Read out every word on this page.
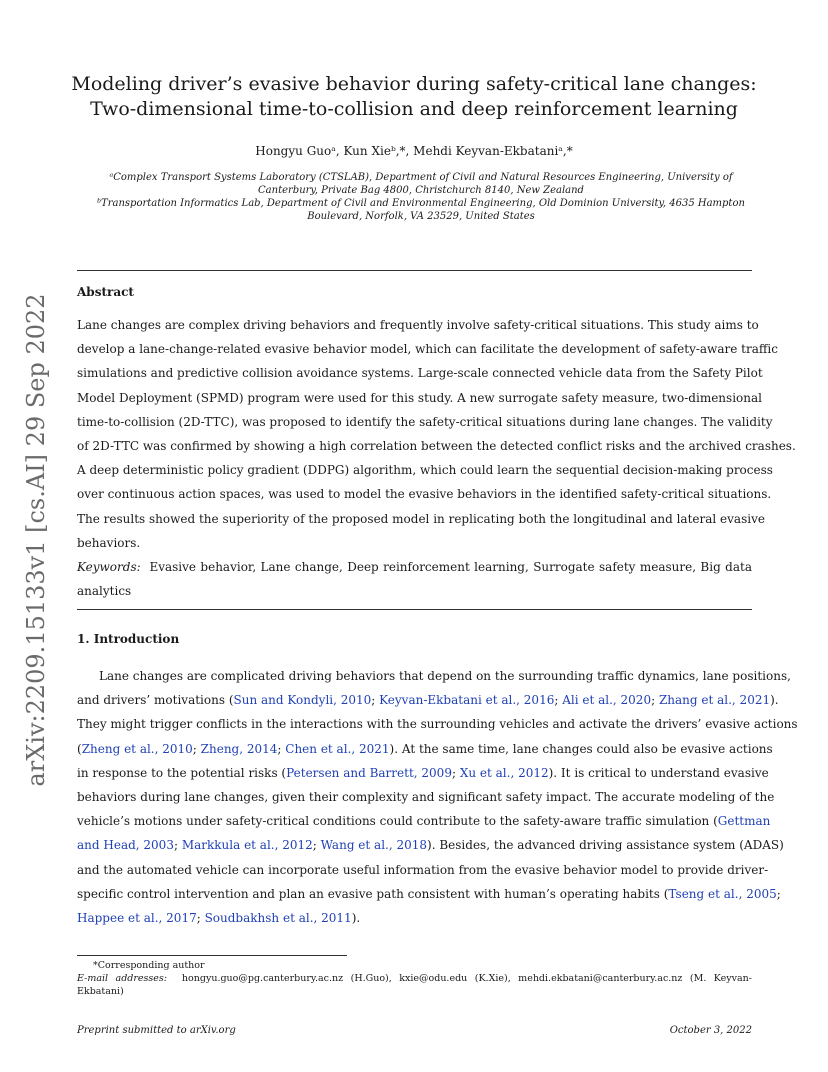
arXiv:2209.15133v1 [cs.AI] 29 Sep 2022
Modeling driver’s evasive behavior during safety-critical lane changes:
Two-dimensional time-to-collision and deep reinforcement learning
Hongyu Guoᵃ, Kun Xieᵇ,*, Mehdi Keyvan-Ekbataniᵃ,*
ᵃComplex Transport Systems Laboratory (CTSLAB), Department of Civil and Natural Resources Engineering, University of
Canterbury, Private Bag 4800, Christchurch 8140, New Zealand
ᵇTransportation Informatics Lab, Department of Civil and Environmental Engineering, Old Dominion University, 4635 Hampton
Boulevard, Norfolk, VA 23529, United States
Abstract
Lane changes are complex driving behaviors and frequently involve safety-critical situations. This study aims to
develop a lane-change-related evasive behavior model, which can facilitate the development of safety-aware traffic
simulations and predictive collision avoidance systems. Large-scale connected vehicle data from the Safety Pilot
Model Deployment (SPMD) program were used for this study. A new surrogate safety measure, two-dimensional
time-to-collision (2D-TTC), was proposed to identify the safety-critical situations during lane changes. The validity
of 2D-TTC was confirmed by showing a high correlation between the detected conflict risks and the archived crashes.
A deep deterministic policy gradient (DDPG) algorithm, which could learn the sequential decision-making process
over continuous action spaces, was used to model the evasive behaviors in the identified safety-critical situations.
The results showed the superiority of the proposed model in replicating both the longitudinal and lateral evasive
behaviors.
Keywords: Evasive behavior, Lane change, Deep reinforcement learning, Surrogate safety measure, Big data
analytics
1. Introduction
Lane changes are complicated driving behaviors that depend on the surrounding traffic dynamics, lane positions,
and drivers’ motivations (Sun and Kondyli, 2010; Keyvan-Ekbatani et al., 2016; Ali et al., 2020; Zhang et al., 2021).
They might trigger conflicts in the interactions with the surrounding vehicles and activate the drivers’ evasive actions
(Zheng et al., 2010; Zheng, 2014; Chen et al., 2021). At the same time, lane changes could also be evasive actions
in response to the potential risks (Petersen and Barrett, 2009; Xu et al., 2012). It is critical to understand evasive
behaviors during lane changes, given their complexity and significant safety impact. The accurate modeling of the
vehicle’s motions under safety-critical conditions could contribute to the safety-aware traffic simulation (Gettman
and Head, 2003; Markkula et al., 2012; Wang et al., 2018). Besides, the advanced driving assistance system (ADAS)
and the automated vehicle can incorporate useful information from the evasive behavior model to provide driver-
specific control intervention and plan an evasive path consistent with human’s operating habits (Tseng et al., 2005;
Happee et al., 2017; Soudbakhsh et al., 2011).
*Corresponding author
E-mail addresses: hongyu.guo@pg.canterbury.ac.nz (H.Guo), kxie@odu.edu (K.Xie), mehdi.ekbatani@canterbury.ac.nz (M. Keyvan-
Ekbatani)
Preprint submitted to arXiv.org	October 3, 2022
